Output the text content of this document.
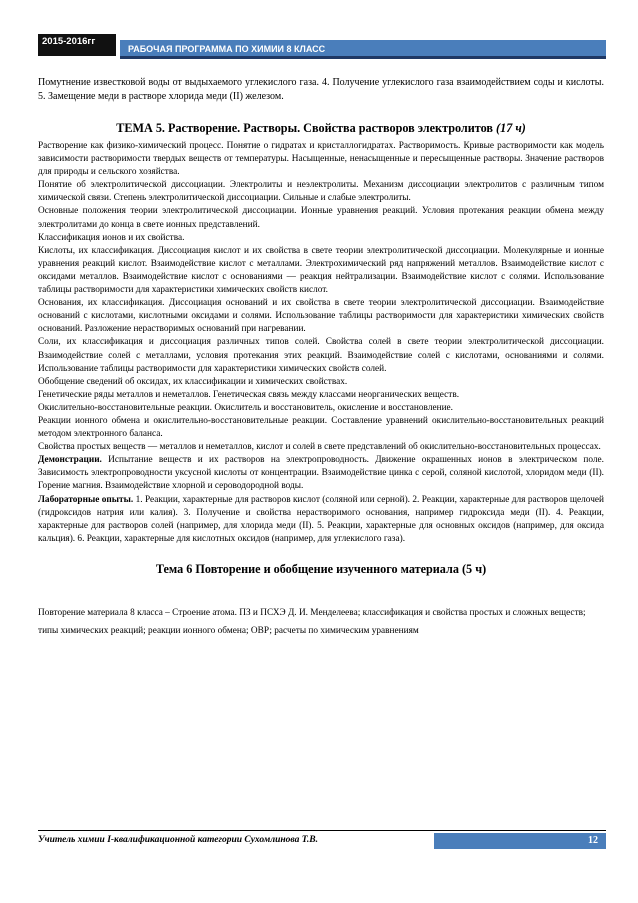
2015-2016гг
РАБОЧАЯ ПРОГРАММА ПО ХИМИИ 8 КЛАСС

Помутнение известковой воды от выдыхаемого углекислого газа. 4. Получение углекислого газа взаимодействием соды и кислоты. 5. Замещение меди в растворе хлорида меди (II) железом.

ТЕМА 5. Растворение. Растворы. Свойства растворов электролитов (17 ч)

Растворение как физико-химический процесс. Понятие о гидратах и кристаллогидратах. Растворимость. Кривые растворимости как модель зависимости растворимости твердых веществ от температуры. Насыщенные, ненасыщенные и пересыщенные растворы. Значение растворов для природы и сельского хозяйства.

Понятие об электролитической диссоциации. Электролиты и неэлектролиты. Механизм диссоциации электролитов с различным типом химической связи. Степень электролитической диссоциации. Сильные и слабые электролиты.

Основные положения теории электролитической диссоциации. Ионные уравнения реакций. Условия протекания реакции обмена между электролитами до конца в свете ионных представлений.

Классификация ионов и их свойства.

Кислоты, их классификация. Диссоциация кислот и их свойства в свете теории электролитической диссоциации. Молекулярные и ионные уравнения реакций кислот. Взаимодействие кислот с металлами. Электрохимический ряд напряжений металлов. Взаимодействие кислот с оксидами металлов. Взаимодействие кислот с основаниями — реакция нейтрализации. Взаимодействие кислот с солями. Использование таблицы растворимости для характеристики химических свойств кислот.

Основания, их классификация. Диссоциация оснований и их свойства в свете теории электролитической диссоциации. Взаимодействие оснований с кислотами, кислотными оксидами и солями. Использование таблицы растворимости для характеристики химических свойств оснований. Разложение нерастворимых оснований при нагревании.

Соли, их классификация и диссоциация различных типов солей. Свойства солей в свете теории электролитической диссоциации. Взаимодействие солей с металлами, условия протекания этих реакций. Взаимодействие солей с кислотами, основаниями и солями. Использование таблицы растворимости для характеристики химических свойств солей.

Обобщение сведений об оксидах, их классификации и химических свойствах.

Генетические ряды металлов и неметаллов. Генетическая связь между классами неорганических веществ.

Окислительно-восстановительные реакции. Окислитель и восстановитель, окисление и восстановление.

Реакции ионного обмена и окислительно-восстановительные реакции. Составление уравнений окислительно-восстановительных реакций методом электронного баланса.

Свойства простых веществ — металлов и неметаллов, кислот и солей в свете представлений об окислительно-восстановительных процессах.

Демонстрации. Испытание веществ и их растворов на электропроводность. Движение окрашенных ионов в электрическом поле. Зависимость электропроводности уксусной кислоты от концентрации. Взаимодействие цинка с серой, соляной кислотой, хлоридом меди (II). Горение магния. Взаимодействие хлорной и сероводородной воды.

Лабораторные опыты. 1. Реакции, характерные для растворов кислот (соляной или серной). 2. Реакции, характерные для растворов щелочей (гидроксидов натрия или калия). 3. Получение и свойства нерастворимого основания, например гидроксида меди (II). 4. Реакции, характерные для растворов солей (например, для хлорида меди (II). 5. Реакции, характерные для основных оксидов (например, для оксида кальция). 6. Реакции, характерные для кислотных оксидов (например, для углекислого газа).

Тема 6 Повторение и обобщение изученного материала (5 ч)

Повторение материала 8 класса – Строение атома. ПЗ и ПСХЭ Д. И. Менделеева; классификация и свойства простых и сложных веществ; типы химических реакций; реакции ионного обмена; ОВР; расчеты по химическим уравнениям

Учитель химии I-квалификационной категории Сухомлинова Т.В.	12
